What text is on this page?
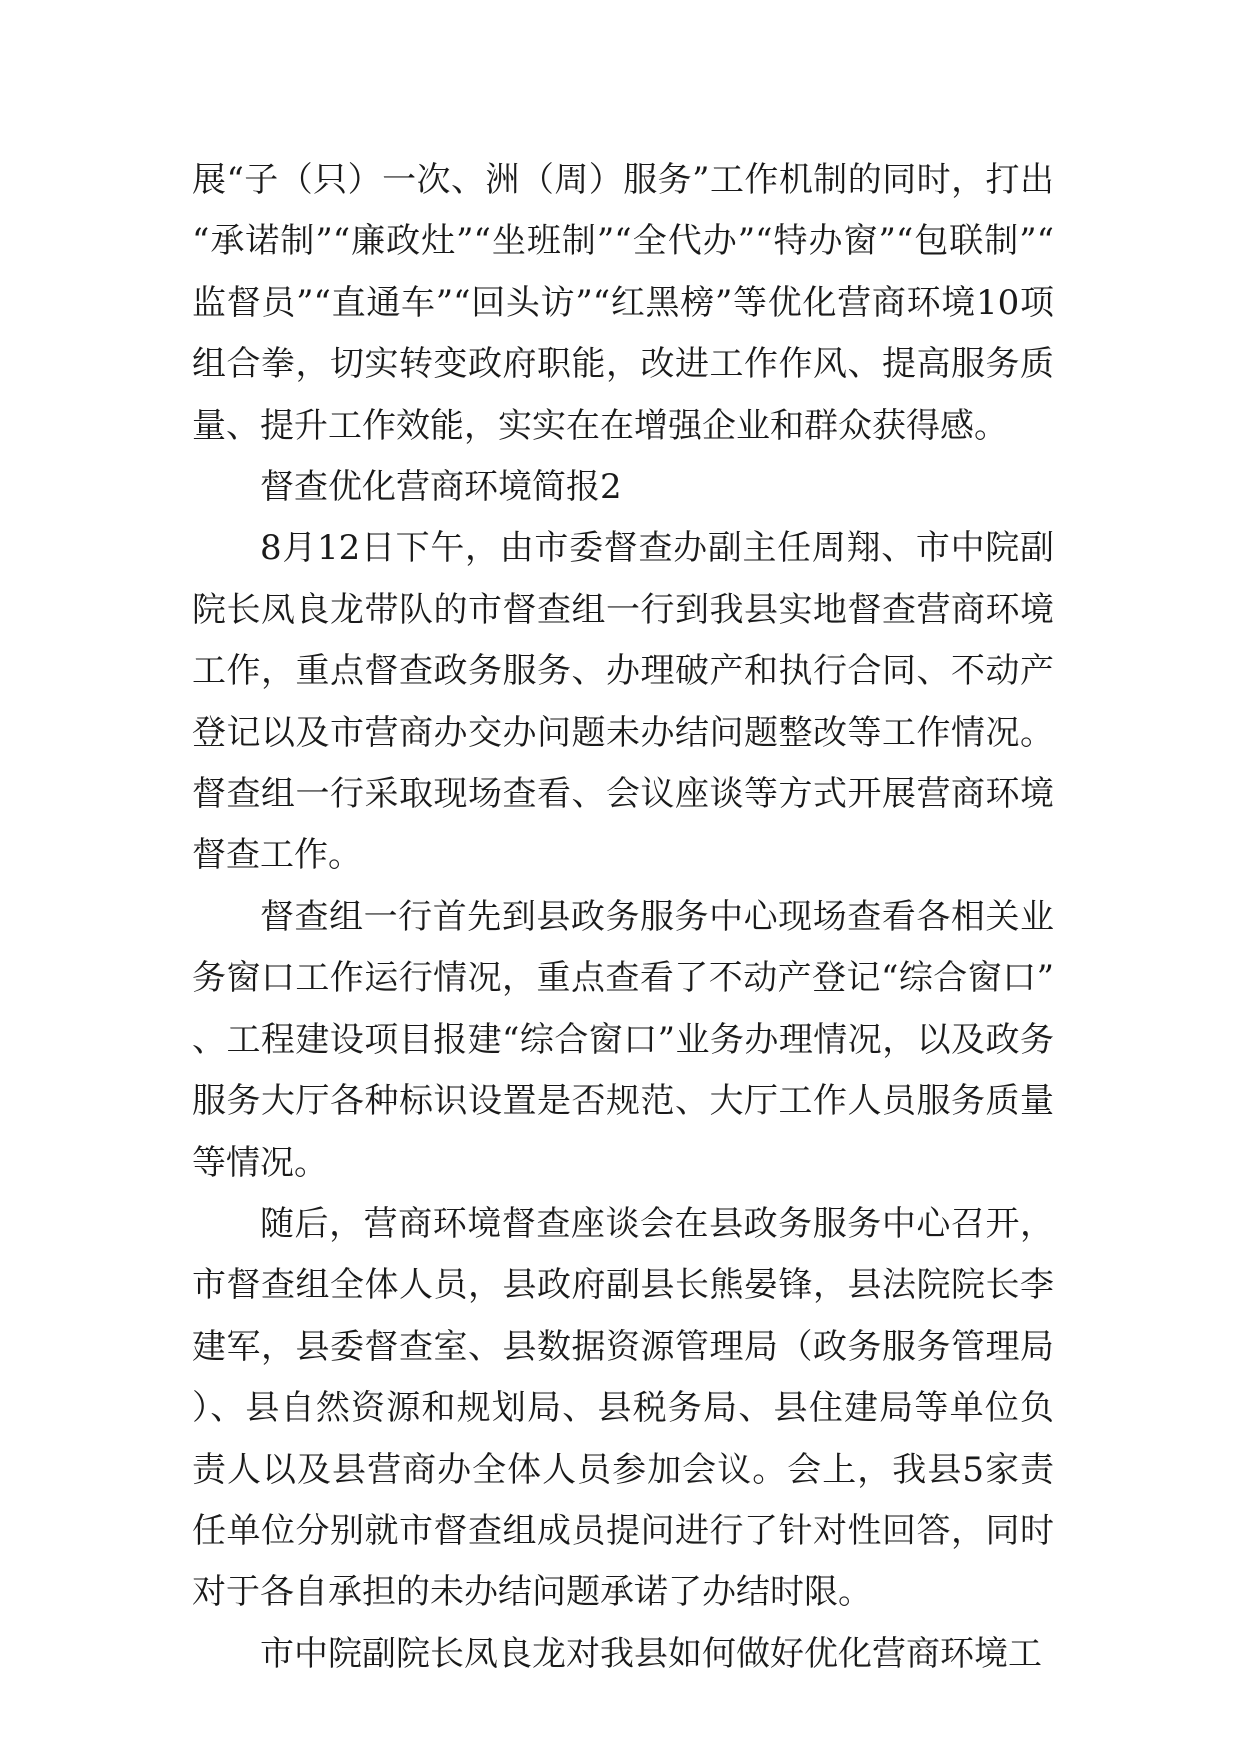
展“子（只）一次、洲（周）服务”工作机制的同时，打出“承诺制”“廉政灶”“坐班制”“全代办”“特办窗”“包联制”“监督员”“直通车”“回头访”“红黑榜”等优化营商环境10项组合拳，切实转变政府职能，改进工作作风、提高服务质量、提升工作效能，实实在在增强企业和群众获得感。

督查优化营商环境简报2

8月12日下午，由市委督查办副主任周翔、市中院副院长凤良龙带队的市督查组一行到我县实地督查营商环境工作，重点督查政务服务、办理破产和执行合同、不动产登记以及市营商办交办问题未办结问题整改等工作情况。督查组一行采取现场查看、会议座谈等方式开展营商环境督查工作。

督查组一行首先到县政务服务中心现场查看各相关业务窗口工作运行情况，重点查看了不动产登记“综合窗口”、工程建设项目报建“综合窗口”业务办理情况，以及政务服务大厅各种标识设置是否规范、大厅工作人员服务质量等情况。

随后，营商环境督查座谈会在县政务服务中心召开，市督查组全体人员，县政府副县长熊晏锋，县法院院长李建军，县委督查室、县数据资源管理局（政务服务管理局）、县自然资源和规划局、县税务局、县住建局等单位负责人以及县营商办全体人员参加会议。会上，我县5家责任单位分别就市督查组成员提问进行了针对性回答，同时对于各自承担的未办结问题承诺了办结时限。

市中院副院长凤良龙对我县如何做好优化营商环境工
